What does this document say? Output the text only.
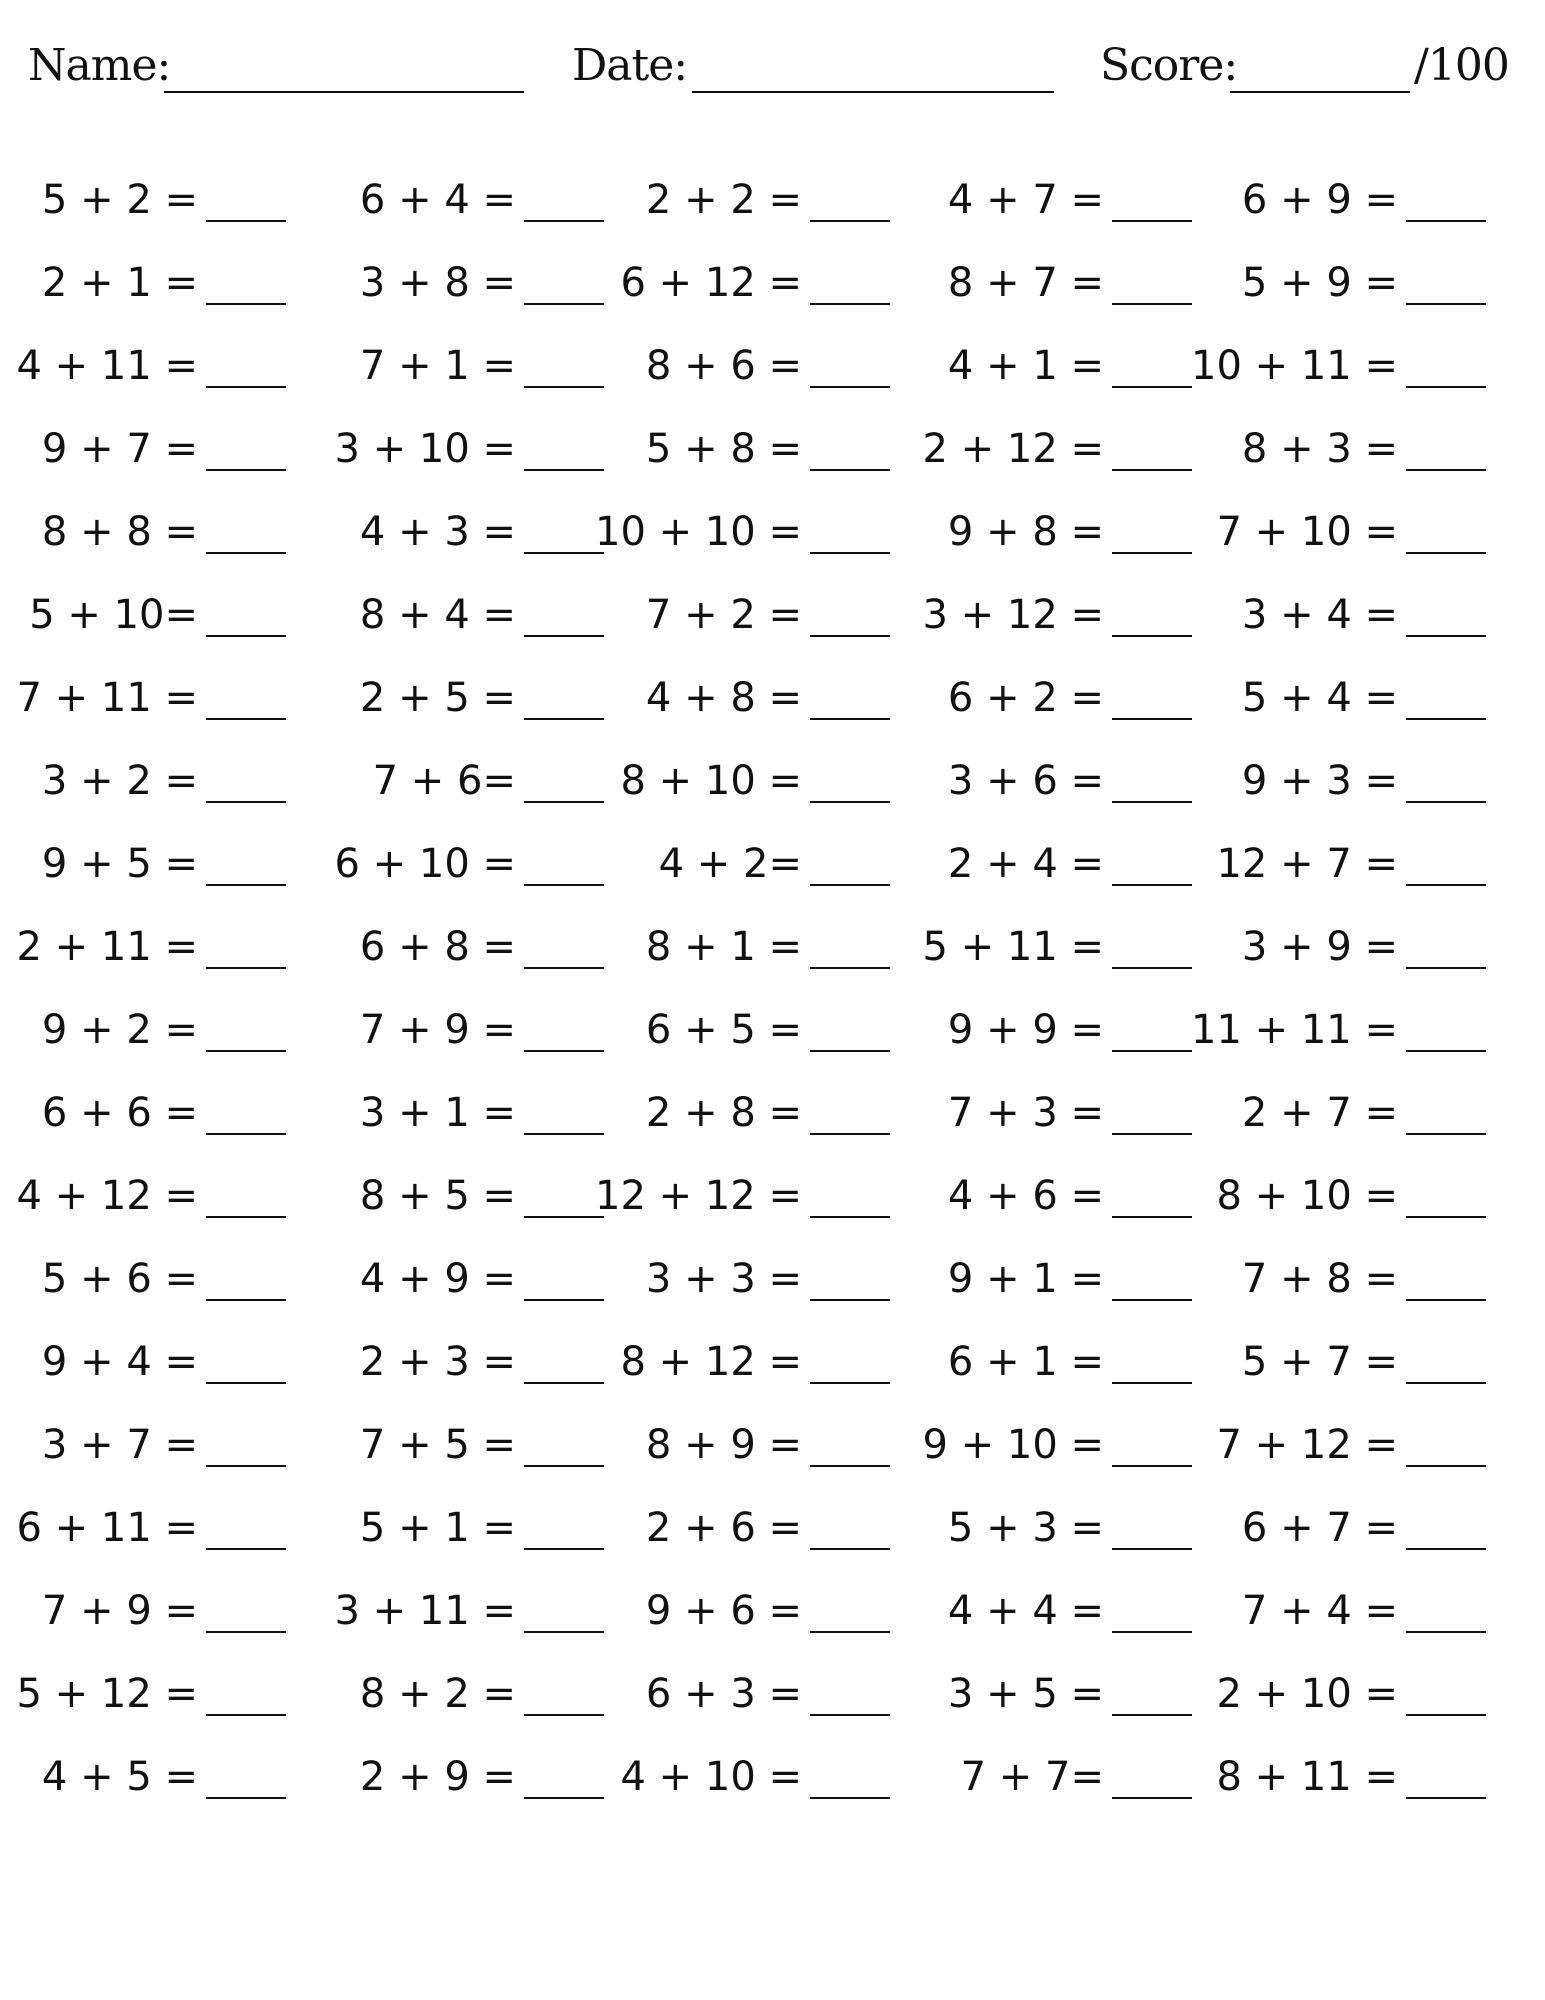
Name:	Date:	Score:	/100
5 + 2 =	6 + 4 =	2 + 2 =	4 + 7 =	6 + 9 =
2 + 1 =	3 + 8 =	6 + 12 =	8 + 7 =	5 + 9 =
4 + 11 =	7 + 1 =	8 + 6 =	4 + 1 = 10 + 11 =
9 + 7 =	3 + 10 =	5 + 8 =	2 + 12 =	8 + 3 =
8 + 8 =	4 + 3 = 10 + 10 =	9 + 8 =	7 + 10 =
5 + 10=	8 + 4 =	7 + 2 =	3 + 12 =	3 + 4 =
7 + 11 =	2 + 5 =	4 + 8 =	6 + 2 =	5 + 4 =
3 + 2 =	7 + 6=	8 + 10 =	3 + 6 =	9 + 3 =
9 + 5 =	6 + 10 =	4 + 2=	2 + 4 =	12 + 7 =
2 + 11 =	6 + 8 =	8 + 1 =	5 + 11 =	3 + 9 =
9 + 2 =	7 + 9 =	6 + 5 =	9 + 9 = 11 + 11 =
6 + 6 =	3 + 1 =	2 + 8 =	7 + 3 =	2 + 7 =
4 + 12 =	8 + 5 = 12 + 12 =	4 + 6 =	8 + 10 =
5 + 6 =	4 + 9 =	3 + 3 =	9 + 1 =	7 + 8 =
9 + 4 =	2 + 3 =	8 + 12 =	6 + 1 =	5 + 7 =
3 + 7 =	7 + 5 =	8 + 9 =	9 + 10 =	7 + 12 =
6 + 11 =	5 + 1 =	2 + 6 =	5 + 3 =	6 + 7 =
7 + 9 =	3 + 11 =	9 + 6 =	4 + 4 =	7 + 4 =
5 + 12 =	8 + 2 =	6 + 3 =	3 + 5 =	2 + 10 =
4 + 5 =	2 + 9 =	4 + 10 =	7 + 7=	8 + 11 =
